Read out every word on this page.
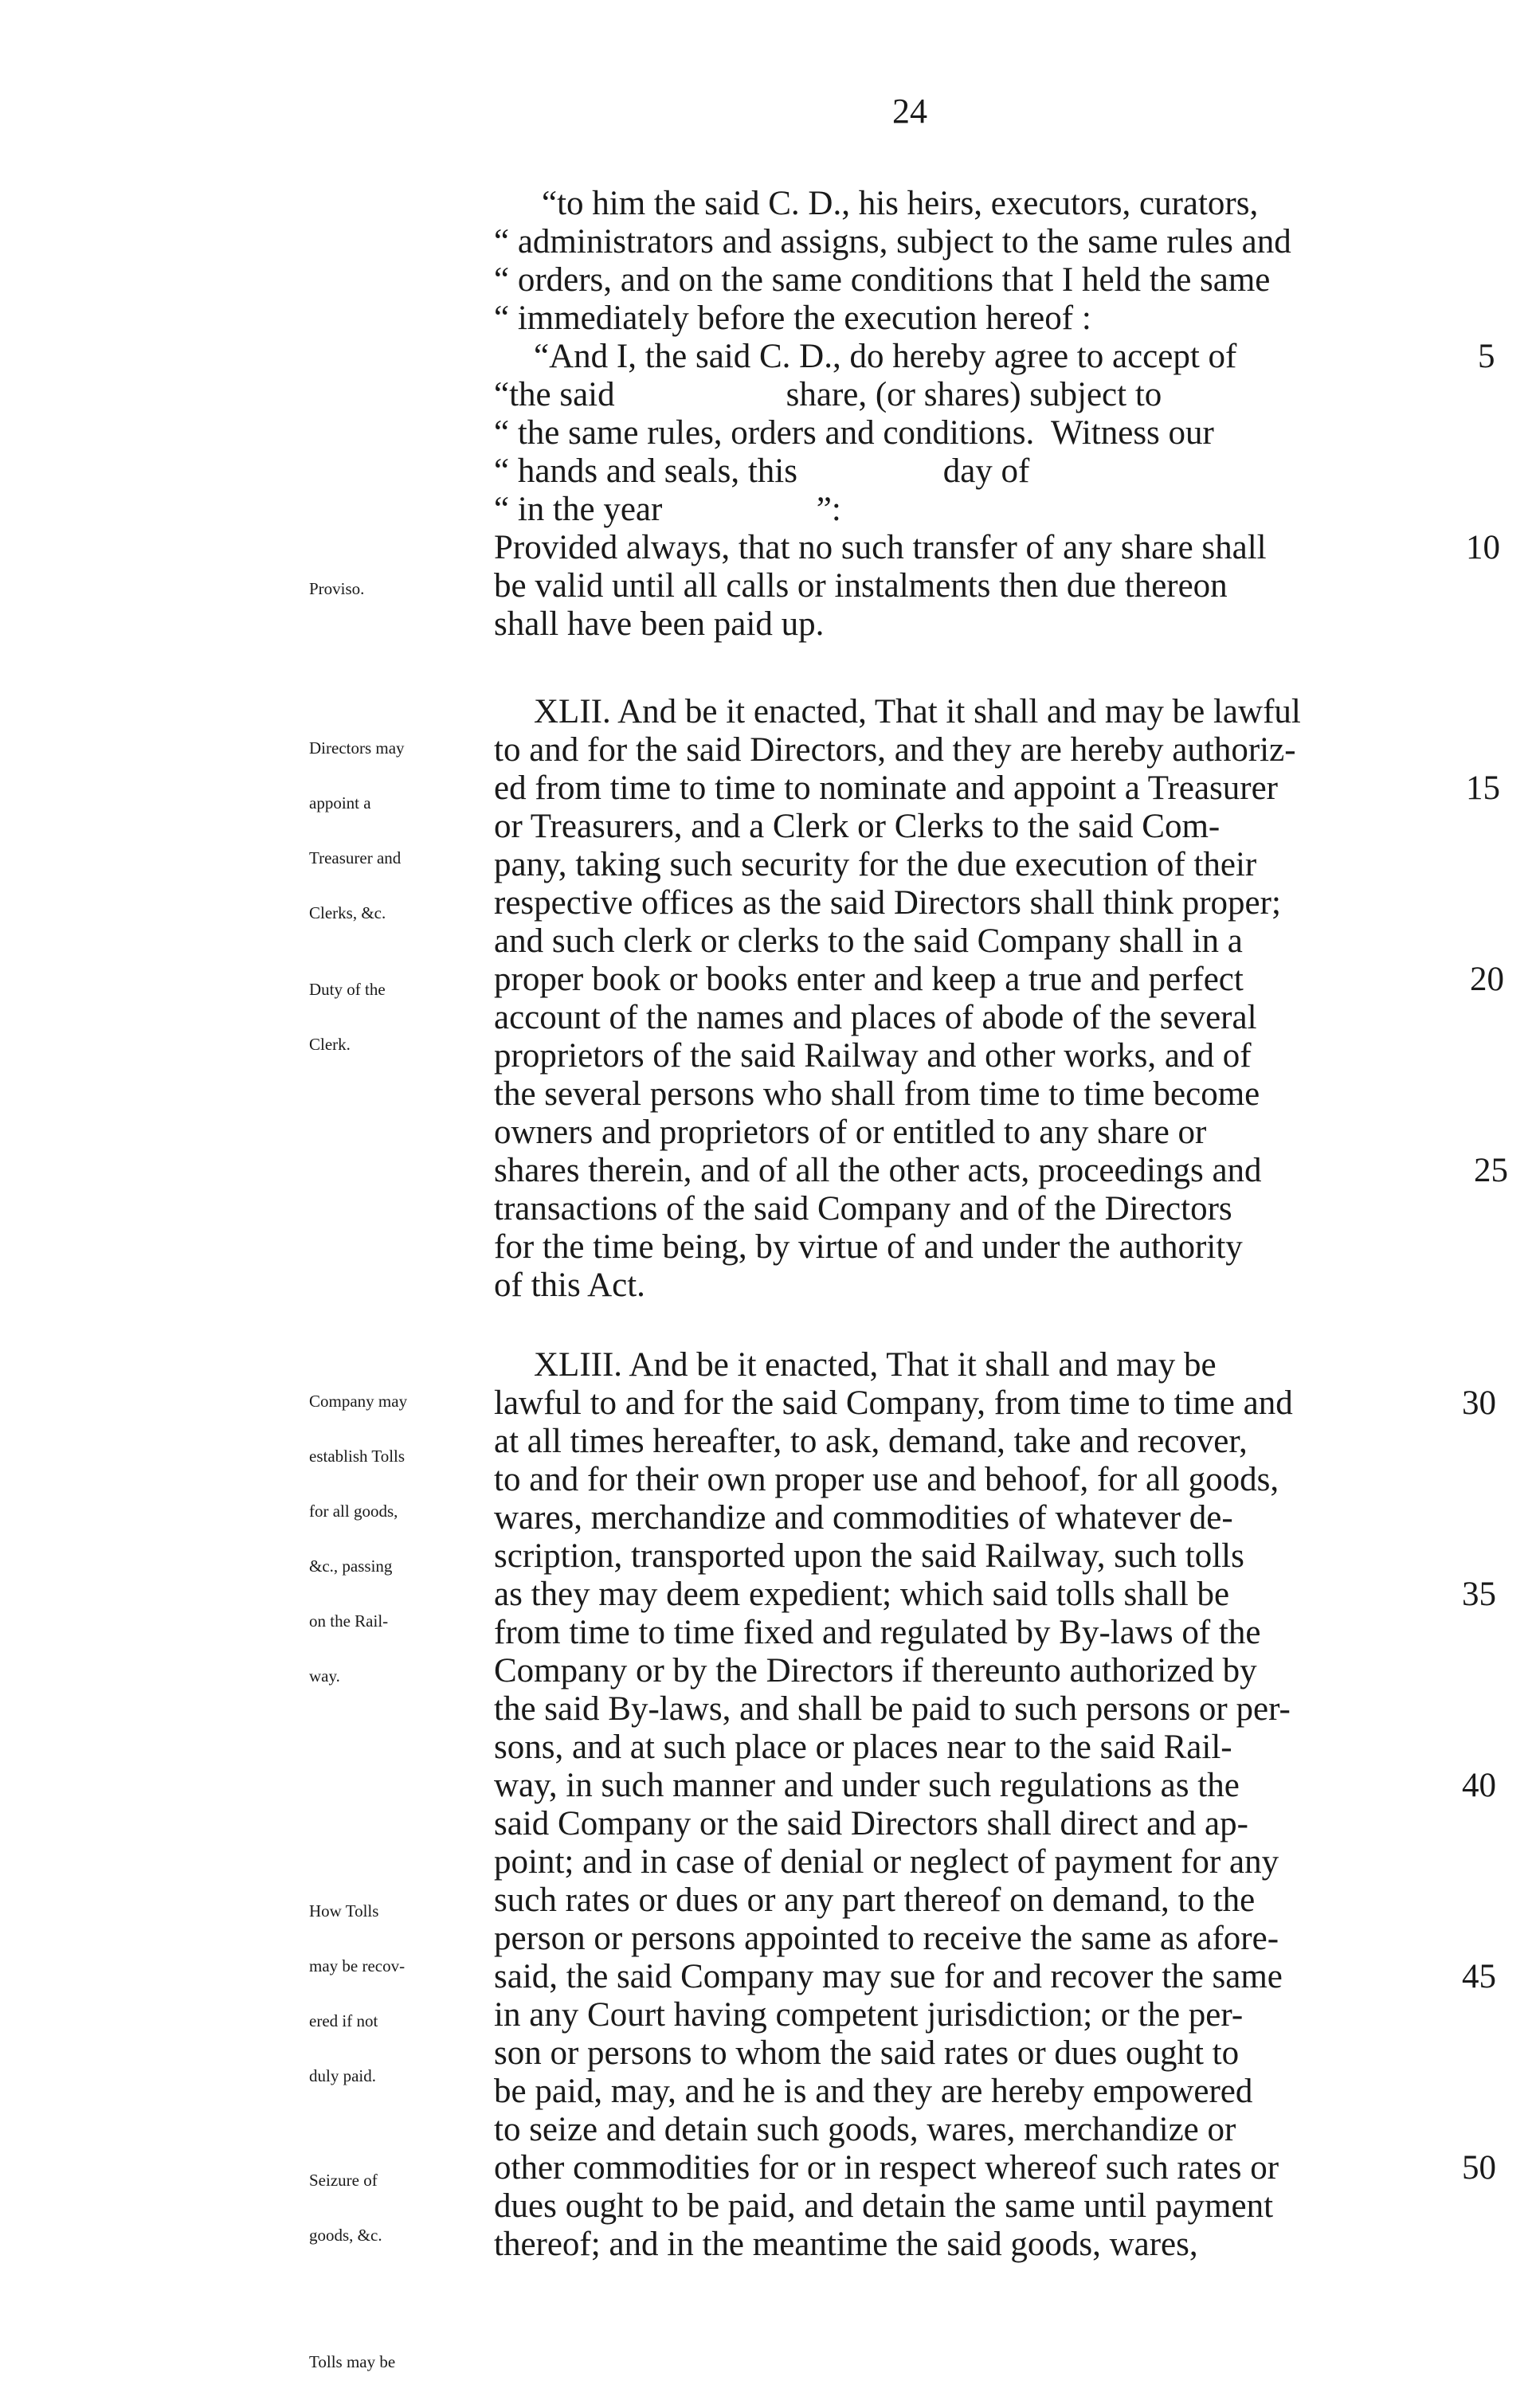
24
“to him the said C. D., his heirs, executors, curators,
“ administrators and assigns, subject to the same rules and
“ orders, and on the same conditions that I held the same
“ immediately before the execution hereof :
“And I, the said C. D., do hereby agree to accept of
“the said                    share, (or shares) subject to
“ the same rules, orders and conditions.  Witness our
“ hands and seals, this                 day of
“ in the year                  ”:
Provided always, that no such transfer of any share shall
be valid until all calls or instalments then due thereon
shall have been paid up.
XLII. And be it enacted, That it shall and may be lawful
to and for the said Directors, and they are hereby authoriz-
ed from time to time to nominate and appoint a Treasurer
or Treasurers, and a Clerk or Clerks to the said Com-
pany, taking such security for the due execution of their
respective offices as the said Directors shall think proper;
and such clerk or clerks to the said Company shall in a
proper book or books enter and keep a true and perfect
account of the names and places of abode of the several
proprietors of the said Railway and other works, and of
the several persons who shall from time to time become
owners and proprietors of or entitled to any share or
shares therein, and of all the other acts, proceedings and
transactions of the said Company and of the Directors
for the time being, by virtue of and under the authority
of this Act.
XLIII. And be it enacted, That it shall and may be
lawful to and for the said Company, from time to time and
at all times hereafter, to ask, demand, take and recover,
to and for their own proper use and behoof, for all goods,
wares, merchandize and commodities of whatever de-
scription, transported upon the said Railway, such tolls
as they may deem expedient; which said tolls shall be
from time to time fixed and regulated by By-laws of the
Company or by the Directors if thereunto authorized by
the said By-laws, and shall be paid to such persons or per-
sons, and at such place or places near to the said Rail-
way, in such manner and under such regulations as the
said Company or the said Directors shall direct and ap-
point; and in case of denial or neglect of payment for any
such rates or dues or any part thereof on demand, to the
person or persons appointed to receive the same as afore-
said, the said Company may sue for and recover the same
in any Court having competent jurisdiction; or the per-
son or persons to whom the said rates or dues ought to
be paid, may, and he is and they are hereby empowered
to seize and detain such goods, wares, merchandize or
other commodities for or in respect whereof such rates or
dues ought to be paid, and detain the same until payment
thereof; and in the meantime the said goods, wares,
5
10
15
20
25
30
35
40
45
50

Proviso.

Directors may

appoint a

Treasurer and

Clerks, &c.

Duty of the

Clerk.

Company may

establish Tolls

for all goods,

&c., passing

on the Rail-

way.

How Tolls

may be recov-

ered if not

duly paid.

Seizure of

goods, &c.

Tolls may be
